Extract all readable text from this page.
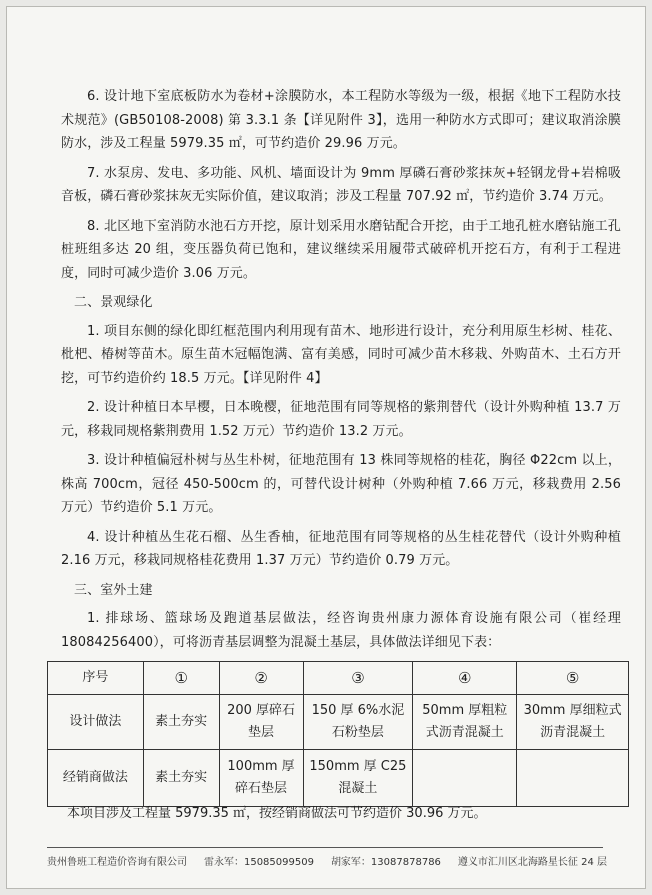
6. 设计地下室底板防水为卷材+涂膜防水，本工程防水等级为一级，根据《地下工程防水技术规范》(GB50108-2008) 第 3.3.1 条【详见附件 3】，选用一种防水方式即可；建议取消涂膜防水，涉及工程量 5979.35 ㎡，可节约造价 29.96 万元。

7. 水泵房、发电、多功能、风机、墙面设计为 9mm 厚磷石膏砂浆抹灰+轻钢龙骨+岩棉吸音板，磷石膏砂浆抹灰无实际价值，建议取消；涉及工程量 707.92 ㎡，节约造价 3.74 万元。

8. 北区地下室消防水池石方开挖，原计划采用水磨钻配合开挖，由于工地孔桩水磨钻施工孔桩班组多达 20 组，变压器负荷已饱和，建议继续采用履带式破碎机开挖石方，有利于工程进度，同时可减少造价 3.06 万元。

二、景观绿化

1. 项目东侧的绿化即红框范围内利用现有苗木、地形进行设计，充分利用原生杉树、桂花、枇杷、椿树等苗木。原生苗木冠幅饱满、富有美感，同时可减少苗木移栽、外购苗木、土石方开挖，可节约造价约 18.5 万元。【详见附件 4】

2. 设计种植日本早樱，日本晚樱，征地范围有同等规格的紫荆替代（设计外购种植 13.7 万元，移栽同规格紫荆费用 1.52 万元）节约造价 13.2 万元。

3. 设计种植偏冠朴树与丛生朴树，征地范围有 13 株同等规格的桂花，胸径 Φ22cm 以上，株高 700cm，冠径 450-500cm 的，可替代设计树种（外购种植 7.66 万元，移栽费用 2.56 万元）节约造价 5.1 万元。

4. 设计种植丛生花石榴、丛生香柚，征地范围有同等规格的丛生桂花替代（设计外购种植 2.16 万元，移栽同规格桂花费用 1.37 万元）节约造价 0.79 万元。

三、室外土建

1. 排球场、篮球场及跑道基层做法，经咨询贵州康力源体育设施有限公司（崔经理 18084256400），可将沥青基层调整为混凝土基层，具体做法详细见下表：

序号	①	②	③	④	⑤
设计做法	素土夯实	200 厚碎石垫层	150 厚 6%水泥石粉垫层	50mm 厚粗粒式沥青混凝土	30mm 厚细粒式沥青混凝土
经销商做法	素土夯实	100mm 厚碎石垫层	150mm 厚 C25 混凝土		
本项目涉及工程量 5979.35 ㎡，按经销商做法可节约造价 30.96 万元。
贵州鲁班工程造价咨询有限公司 雷永军：15085099509 胡家军：13087878786 遵义市汇川区北海路星长征 24 层
